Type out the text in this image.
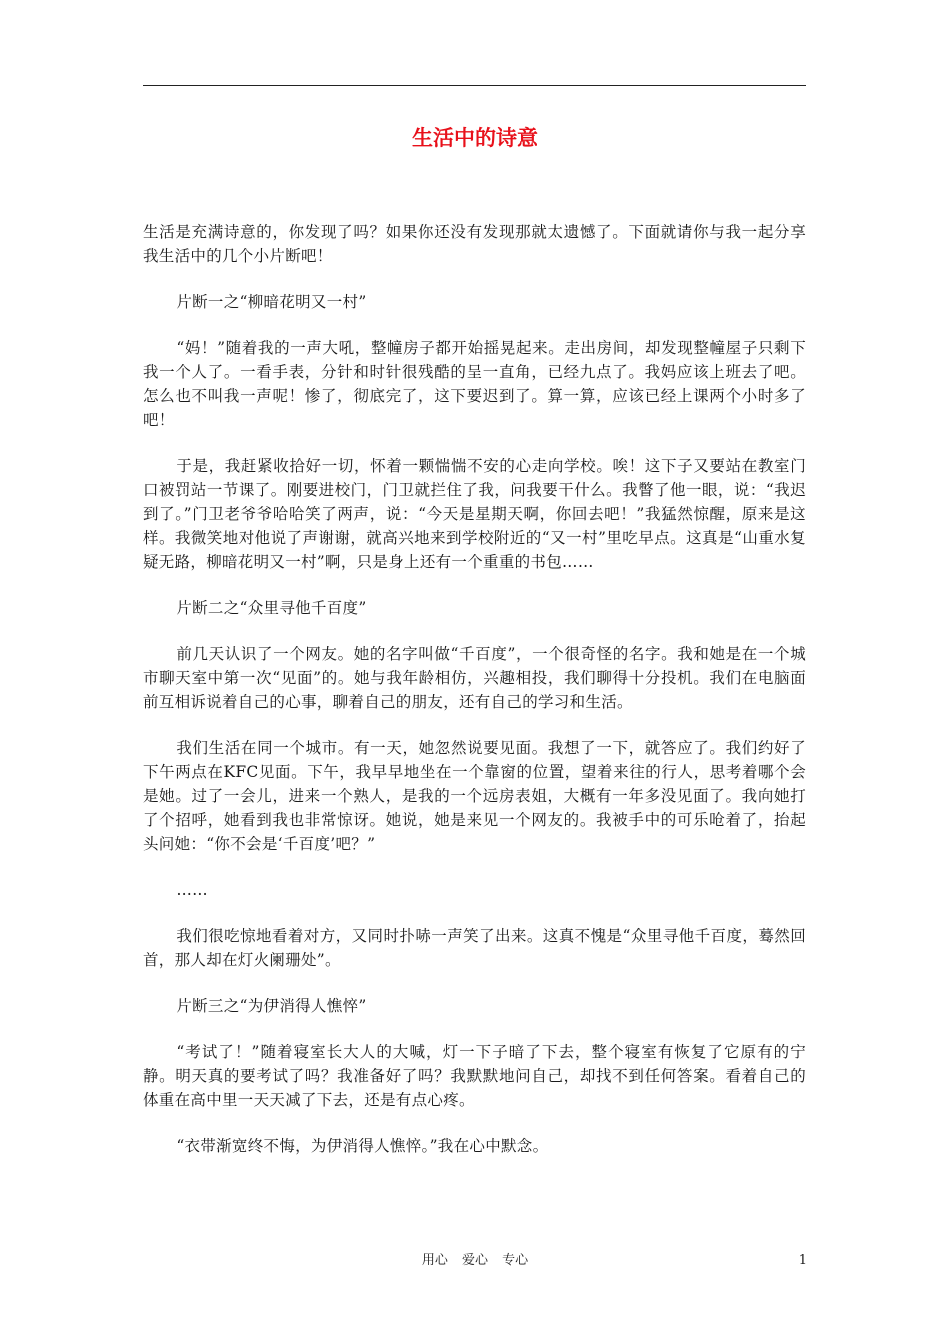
生活中的诗意

生活是充满诗意的，你发现了吗？如果你还没有发现那就太遗憾了。下面就请你与我一起分享我生活中的几个小片断吧！

片断一之“柳暗花明又一村”

“妈！”随着我的一声大吼，整幢房子都开始摇晃起来。走出房间，却发现整幢屋子只剩下我一个人了。一看手表，分针和时针很残酷的呈一直角，已经九点了。我妈应该上班去了吧。怎么也不叫我一声呢！惨了，彻底完了，这下要迟到了。算一算，应该已经上课两个小时多了吧！

于是，我赶紧收拾好一切，怀着一颗惴惴不安的心走向学校。唉！这下子又要站在教室门口被罚站一节课了。刚要进校门，门卫就拦住了我，问我要干什么。我瞥了他一眼，说：“我迟到了。”门卫老爷爷哈哈笑了两声，说：“今天是星期天啊，你回去吧！”我猛然惊醒，原来是这样。我微笑地对他说了声谢谢，就高兴地来到学校附近的“又一村”里吃早点。这真是“山重水复疑无路，柳暗花明又一村”啊，只是身上还有一个重重的书包……

片断二之“众里寻他千百度”

前几天认识了一个网友。她的名字叫做“千百度”，一个很奇怪的名字。我和她是在一个城市聊天室中第一次“见面”的。她与我年龄相仿，兴趣相投，我们聊得十分投机。我们在电脑面前互相诉说着自己的心事，聊着自己的朋友，还有自己的学习和生活。

我们生活在同一个城市。有一天，她忽然说要见面。我想了一下，就答应了。我们约好了下午两点在KFC见面。下午，我早早地坐在一个靠窗的位置，望着来往的行人，思考着哪个会是她。过了一会儿，进来一个熟人，是我的一个远房表姐，大概有一年多没见面了。我向她打了个招呼，她看到我也非常惊讶。她说，她是来见一个网友的。我被手中的可乐呛着了，抬起头问她：“你不会是‘千百度’吧？”

……

我们很吃惊地看着对方，又同时扑哧一声笑了出来。这真不愧是“众里寻他千百度，蓦然回首，那人却在灯火阑珊处”。

片断三之“为伊消得人憔悴”

“考试了！”随着寝室长大人的大喊，灯一下子暗了下去，整个寝室有恢复了它原有的宁静。明天真的要考试了吗？我准备好了吗？我默默地问自己，却找不到任何答案。看着自己的体重在高中里一天天减了下去，还是有点心疼。

“衣带渐宽终不悔，为伊消得人憔悴。”我在心中默念。

用心 爱心 专心	1
